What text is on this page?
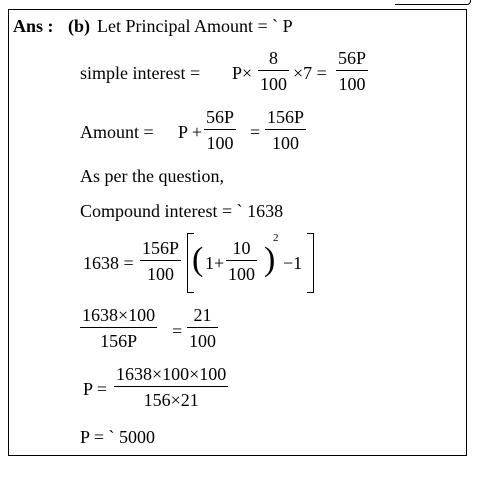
Ans : (b) Let Principal Amount = ` P
simple interest = P×
8
100
×7 =
56P
100
Amount = P +
56P
100
=
156P
100
As per the question,
Compound interest = ` 1638
1638 =
156P
100 ( 1+
10
100 )
2
−1
1638×100
156P =
21
100
P =
1638×100×100
156×21
P = ` 5000
